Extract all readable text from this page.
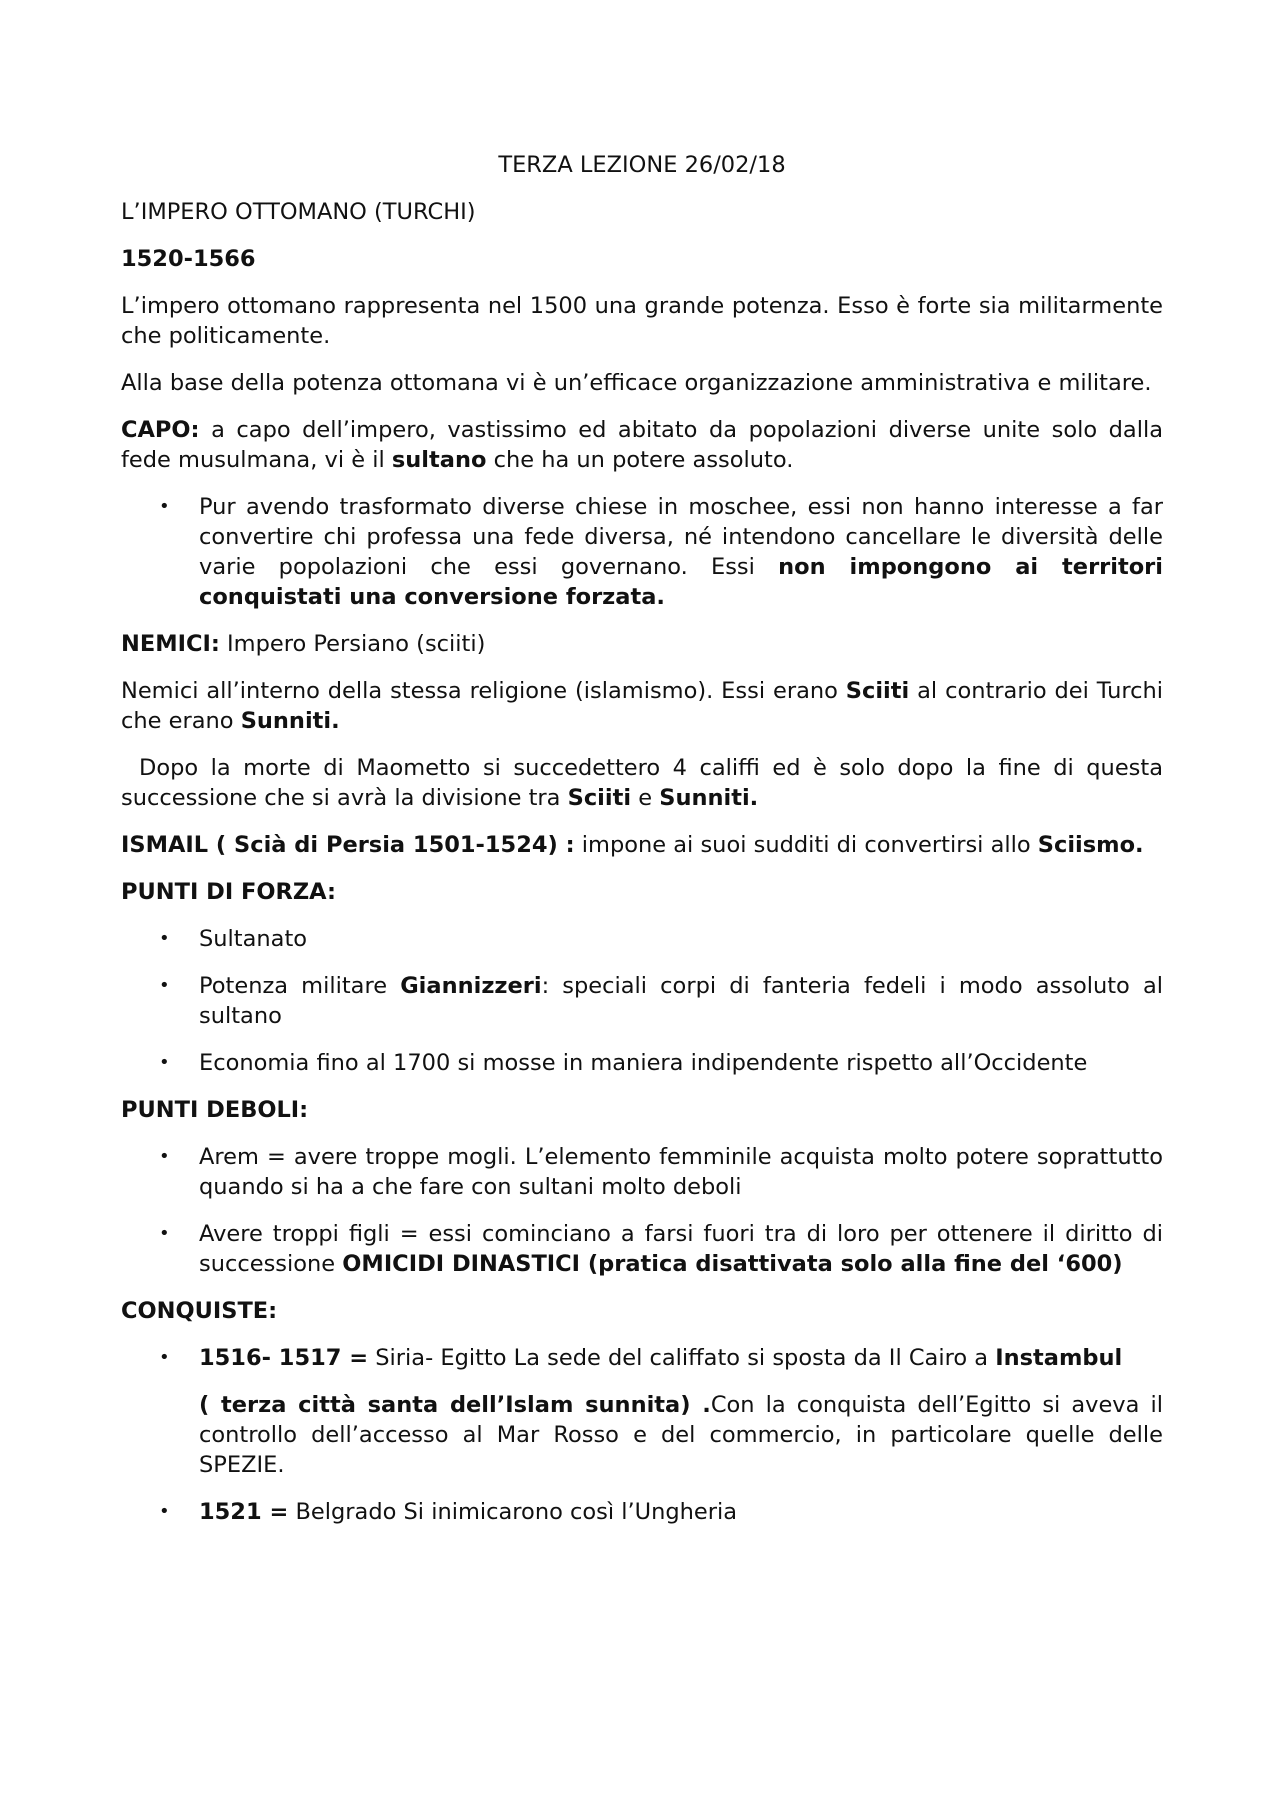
TERZA LEZIONE 26/02/18

L’IMPERO OTTOMANO (TURCHI)

1520-1566

L’impero ottomano rappresenta nel 1500 una grande potenza. Esso è forte sia militarmente che politicamente.

Alla base della potenza ottomana vi è un’efficace organizzazione amministrativa e militare.

CAPO: a capo dell’impero, vastissimo ed abitato da popolazioni diverse unite solo dalla fede musulmana, vi è il sultano che ha un potere assoluto.

• Pur avendo trasformato diverse chiese in moschee, essi non hanno interesse a far convertire chi professa una fede diversa, né intendono cancellare le diversità delle varie popolazioni che essi governano. Essi non impongono ai territori conquistati una conversione forzata.

NEMICI: Impero Persiano (sciiti)

Nemici all’interno della stessa religione (islamismo). Essi erano Sciiti al contrario dei Turchi che erano Sunniti.

Dopo la morte di Maometto si succedettero 4 califfi ed è solo dopo la fine di questa successione che si avrà la divisione tra Sciiti e Sunniti.

ISMAIL ( Scià di Persia 1501-1524) : impone ai suoi sudditi di convertirsi allo Sciismo.

PUNTI DI FORZA:

• Sultanato
• Potenza militare Giannizzeri: speciali corpi di fanteria fedeli i modo assoluto al sultano
• Economia fino al 1700 si mosse in maniera indipendente rispetto all’Occidente

PUNTI DEBOLI:

• Arem = avere troppe mogli. L’elemento femminile acquista molto potere soprattutto quando si ha a che fare con sultani molto deboli
• Avere troppi figli = essi cominciano a farsi fuori tra di loro per ottenere il diritto di successione OMICIDI DINASTICI (pratica disattivata solo alla fine del ‘600)

CONQUISTE:

• 1516- 1517 = Siria- Egitto La sede del califfato si sposta da Il Cairo a Instambul
( terza città santa dell’Islam sunnita) .Con la conquista dell’Egitto si aveva il controllo dell’accesso al Mar Rosso e del commercio, in particolare quelle delle SPEZIE.
• 1521 = Belgrado Si inimicarono così l’Ungheria
